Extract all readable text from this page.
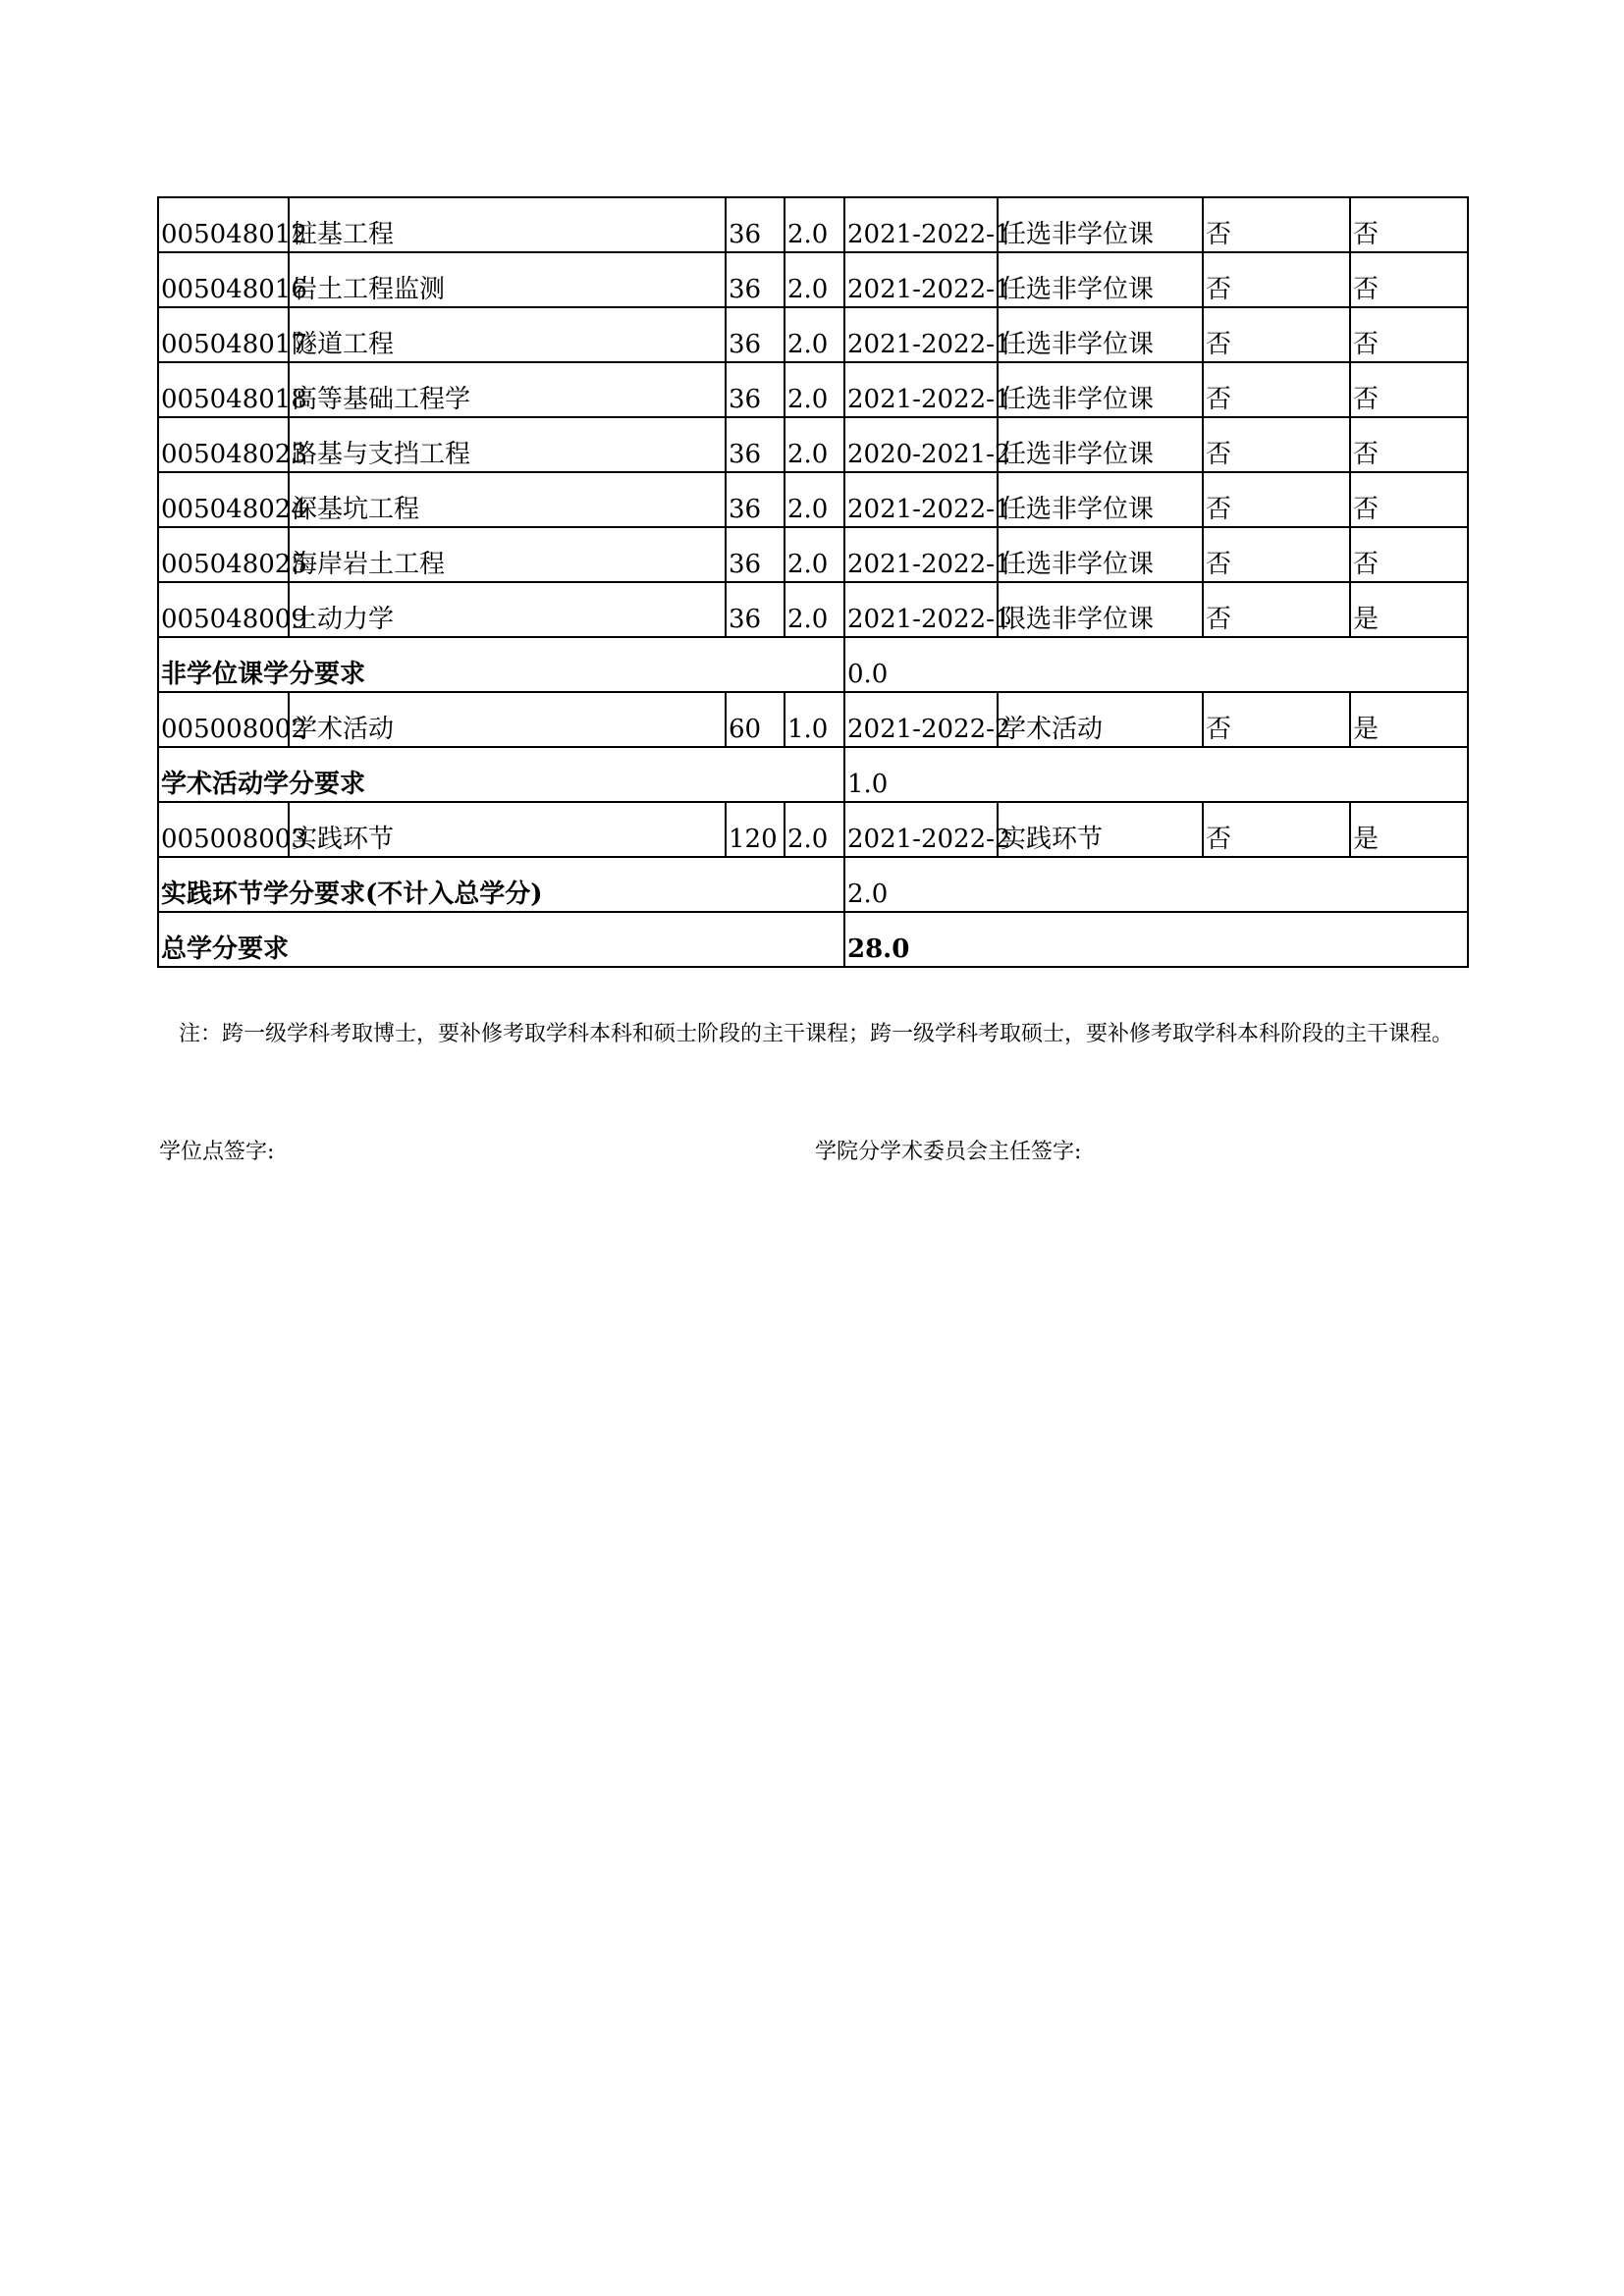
005048012	桩基工程	36	2.0	2021-2022-1	任选非学位课	否	否
005048016	岩土工程监测	36	2.0	2021-2022-1	任选非学位课	否	否
005048017	隧道工程	36	2.0	2021-2022-1	任选非学位课	否	否
005048018	高等基础工程学	36	2.0	2021-2022-1	任选非学位课	否	否
005048023	路基与支挡工程	36	2.0	2020-2021-2	任选非学位课	否	否
005048024	深基坑工程	36	2.0	2021-2022-1	任选非学位课	否	否
005048025	海岸岩土工程	36	2.0	2021-2022-1	任选非学位课	否	否
005048009	土动力学	36	2.0	2021-2022-1	限选非学位课	否	是
非学位课学分要求				0.0			
005008002	学术活动	60	1.0	2021-2022-2	学术活动	否	是
学术活动学分要求				1.0			
005008003	实践环节	120	2.0	2021-2022-2	实践环节	否	是
实践环节学分要求(不计入总学分)				2.0			
总学分要求				28.0			
注：跨一级学科考取博士，要补修考取学科本科和硕士阶段的主干课程；跨一级学科考取硕士，要补修考取学科本科阶段的主干课程。
学位点签字:	学院分学术委员会主任签字:
